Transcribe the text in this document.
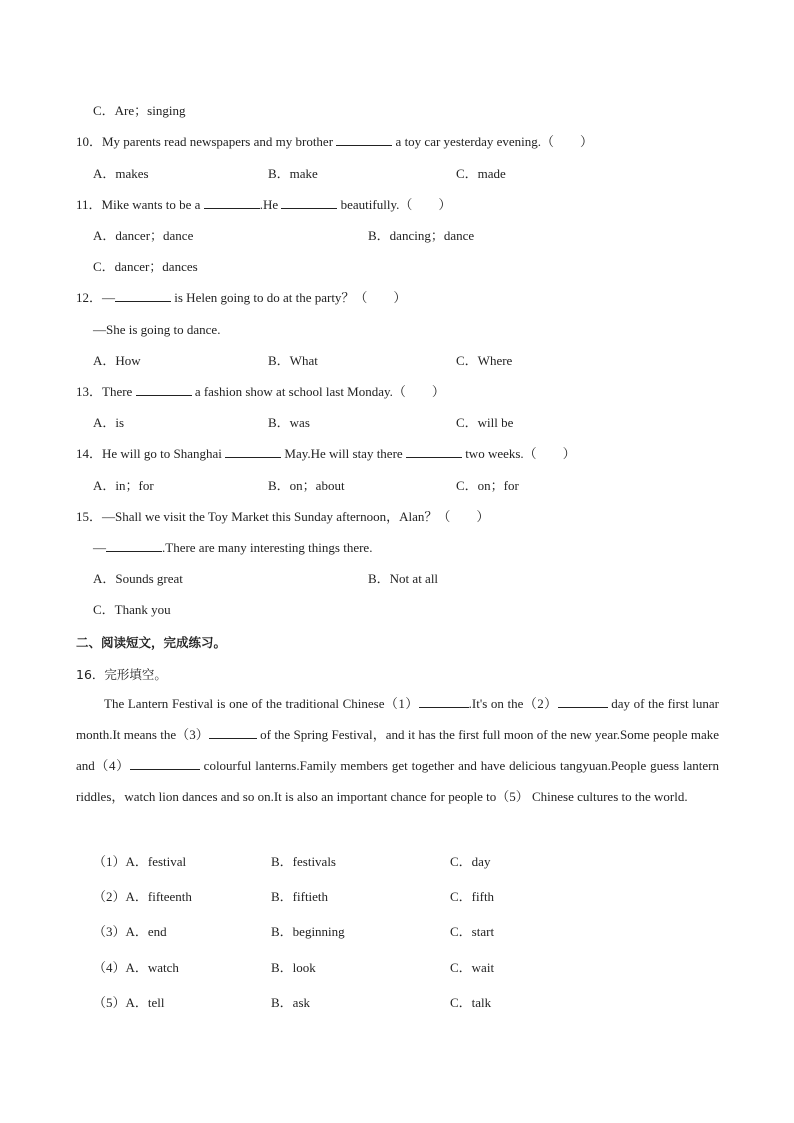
C．Are；singing
10．My parents read newspapers and my brother	a toy car yesterday evening.（　　）
A．makes	B．make	C．made
11．Mike wants to be a	.He	beautifully.（　　）
A．dancer；dance	B．dancing；dance
C．dancer；dances
12．—	is Helen going to do at the party？（　　）
—She is going to dance.
A．How	B．What	C．Where
13．There	a fashion show at school last Monday.（　　）
A．is	B．was	C．will be
14．He will go to Shanghai	May.He will stay there	two weeks.（　　）
A．in；for	B．on；about	C．on；for
15．—Shall we visit the Toy Market this Sunday afternoon，Alan？（　　）
—	.There are many interesting things there.
A．Sounds great	B．Not at all
C．Thank you
二、阅读短文，完成练习。
16．完形填空。

The Lantern Festival is one of the traditional Chinese（1）	.It's on the（2）	day of the first lunar month.It means the（3）	of the Spring Festival，and it has the first full moon of the new year.Some people make and（4）	colourful lanterns.Family members get together and have delicious tangyuan.People guess lantern riddles，watch lion dances and so on.It is also an important chance for people to（5） Chinese cultures to the world.

（1）A．festival	B．festivals	C．day
（2）A．fifteenth	B．fiftieth	C．fifth
（3）A．end	B．beginning	C．start
（4）A．watch	B．look	C．wait
（5）A．tell	B．ask	C．talk
